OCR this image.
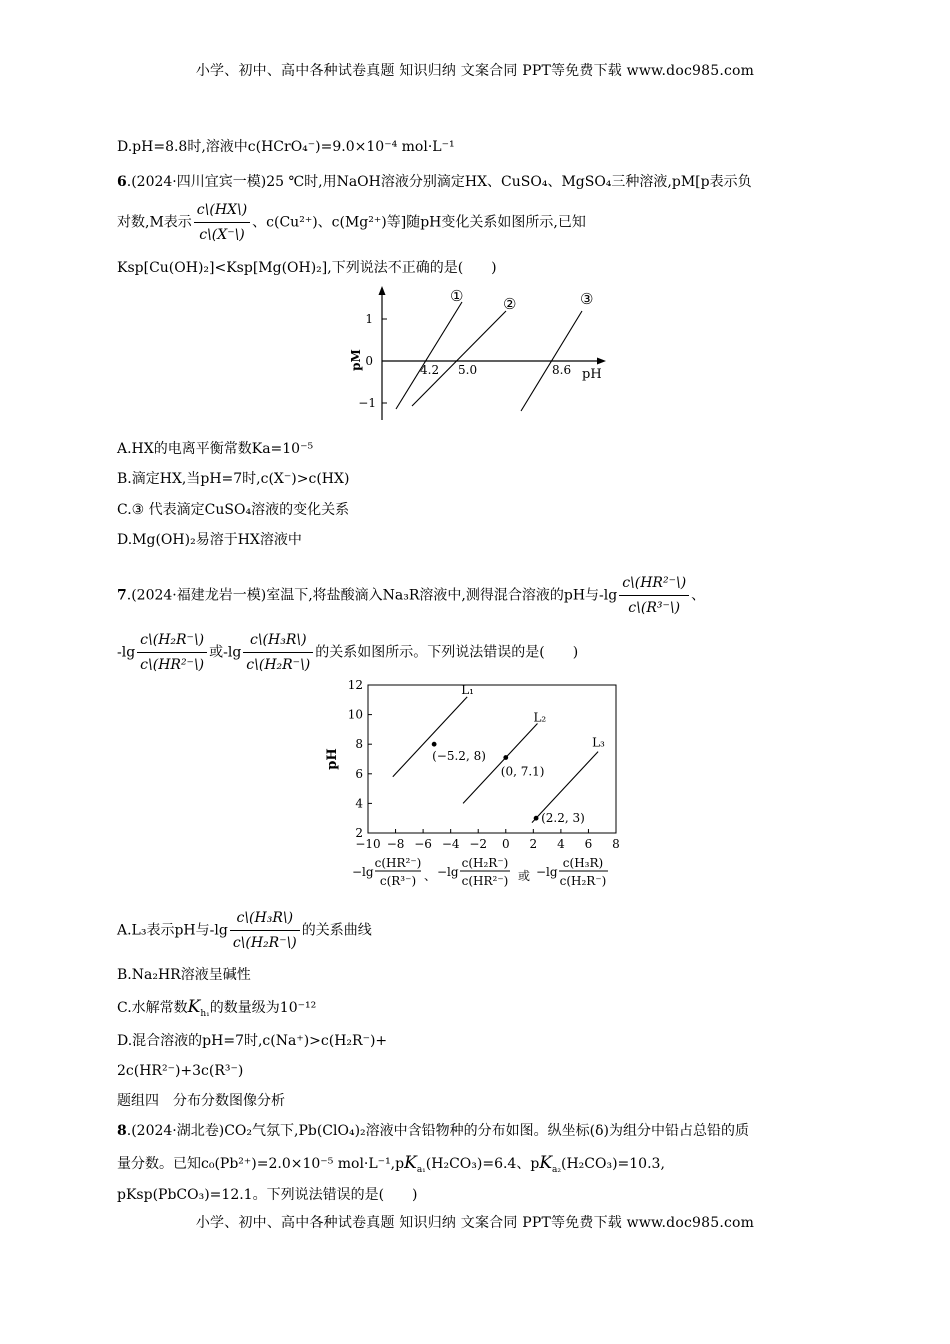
小学、初中、高中各种试卷真题 知识归纳 文案合同 PPT等免费下载 www.doc985.com
D.pH=8.8时,溶液中c(HCrO₄⁻)=9.0×10⁻⁴ mol·L⁻¹
6.(2024·四川宜宾一模)25 ℃时,用NaOH溶液分别滴定HX、CuSO₄、MgSO₄三种溶液,pM[p表示负
对数,M表示 $\frac{c\backslash(HX\backslash)}{c\backslash(X^-\backslash)}$ 、c(Cu²⁺)、c(Mg²⁺)等]随pH变化关系如图所示,已知
Ksp[Cu(OH)₂]<Ksp[Mg(OH)₂],下列说法不正确的是(　　)
1
0
−1
pM	4.2 5.0	8.6 pH
①	②	③
A.HX的电离平衡常数Ka=10⁻⁵
B.滴定HX,当pH=7时,c(X⁻)>c(HX)
C.③ 代表滴定CuSO₄溶液的变化关系
D.Mg(OH)₂易溶于HX溶液中
7.(2024·福建龙岩一模)室温下,将盐酸滴入Na₃R溶液中,测得混合溶液的pH与$-\lg \frac{\text{c\textbackslash{}(HR²⁻\textbackslash{})}}{\text{c\textbackslash{}(R³⁻\textbackslash{})}}$ 、
$-\lg \frac{\text{c\textbackslash{}(H₂R⁻\textbackslash{})}}{\text{c\textbackslash{}(HR²⁻\textbackslash{})}}$ 或$-\lg \frac{\text{c\textbackslash{}(H₃R\textbackslash{})}}{\text{c\textbackslash{}(H₂R⁻\textbackslash{})}}$ 的关系如图所示。下列说法错误的是(　　)
12
10
8
6
4
2
−10 −8 −6 −4 −2 0 2 4 6 8
pH
L₁
L₂
L₃
(−5.2, 8)
(0, 7.1)
(2.2, 3)
−lg
c(HR²⁻)
c(R³⁻) 、 −lg
c(H₂R⁻)
c(HR²⁻) 或 −lg
c(H₃R)
c(H₂R⁻)
A.L₃表示pH与$-\lg \frac{\text{c\textbackslash{}(H₃R\textbackslash{})}}{\text{c\textbackslash{}(H₂R⁻\textbackslash{})}}$ 的关系曲线
B.Na₂HR溶液呈碱性
C.水解常数$K_{h_1}$的数量级为10⁻¹²
D.混合溶液的pH=7时,c(Na⁺)>c(H₂R⁻)+
2c(HR²⁻)+3c(R³⁻)
题组四　分布分数图像分析
8.(2024·湖北卷)CO₂气氛下,Pb(ClO₄)₂溶液中含铅物种的分布如图。纵坐标(δ)为组分中铅占总铅的质
量分数。已知c₀(Pb²⁺)=2.0×10⁻⁵ $mol\cdot L^{-1},pK_{a_1}(H_2CO_3)=6.4$、$pK_{a_2}(H_2CO_3)=10.3$,
pKsp(PbCO₃)=12.1。下列说法错误的是(　　)
小学、初中、高中各种试卷真题 知识归纳 文案合同 PPT等免费下载 www.doc985.com
